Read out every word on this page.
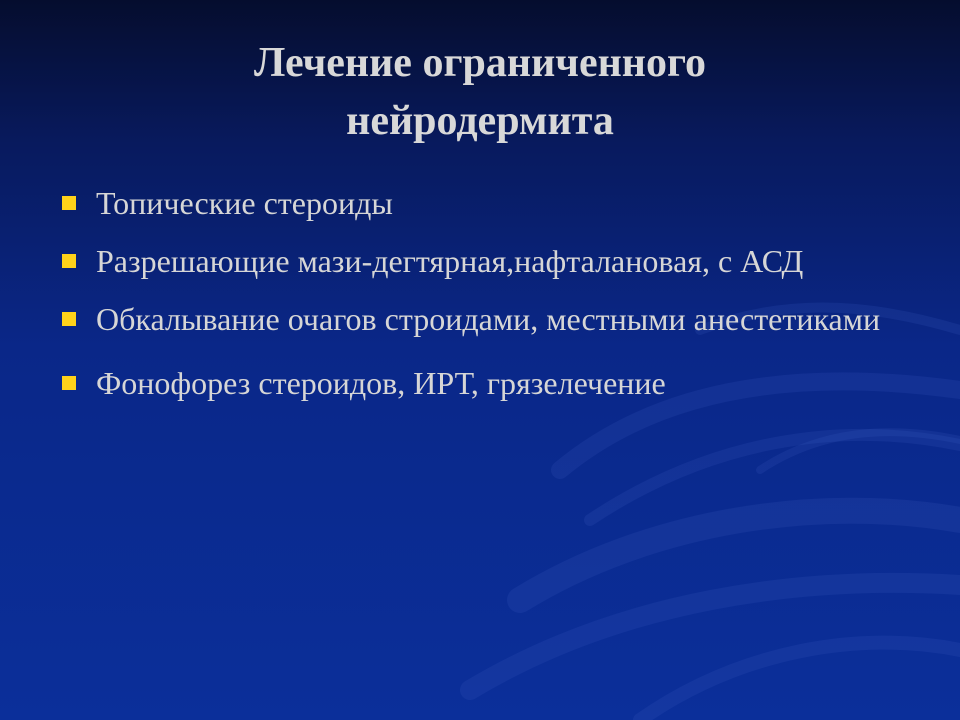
Лечение ограниченного
нейродермита
Топические стероиды
Разрешающие мази-дегтярная,нафталановая, с АСД
Обкалывание очагов строидами, местными анестетиками
Фонофорез стероидов, ИРТ, грязелечение
